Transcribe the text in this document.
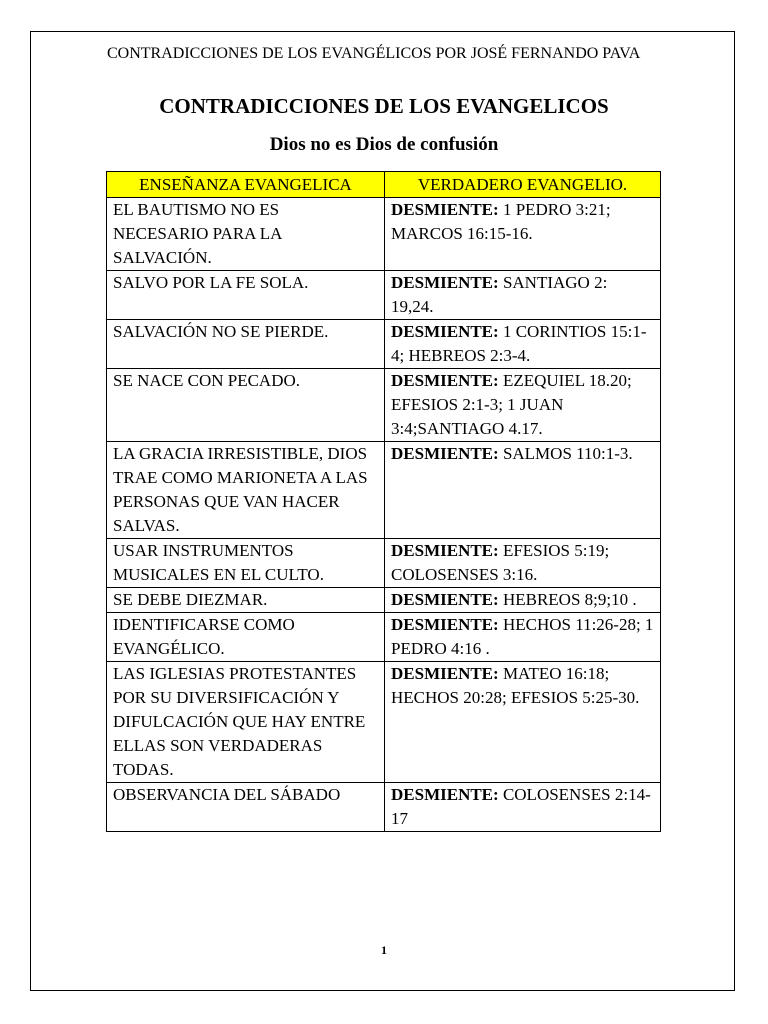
CONTRADICCIONES DE LOS EVANGÉLICOS POR JOSÉ FERNANDO PAVA
CONTRADICCIONES DE LOS EVANGELICOS
Dios no es Dios de confusión
ENSEÑANZA EVANGELICA	VERDADERO EVANGELIO.
EL BAUTISMO NO ES NECESARIO PARA LA SALVACIÓN.	DESMIENTE: 1 PEDRO 3:21; MARCOS 16:15-16.
SALVO POR LA FE SOLA.	DESMIENTE: SANTIAGO 2: 19,24.
SALVACIÓN NO SE PIERDE.	DESMIENTE: 1 CORINTIOS 15:1-4; HEBREOS 2:3-4.
SE NACE CON PECADO.	DESMIENTE: EZEQUIEL 18.20; EFESIOS 2:1-3; 1 JUAN 3:4;SANTIAGO 4.17.
LA GRACIA IRRESISTIBLE, DIOS TRAE COMO MARIONETA A LAS PERSONAS QUE VAN HACER SALVAS.	DESMIENTE: SALMOS 110:1-3.
USAR INSTRUMENTOS MUSICALES EN EL CULTO.	DESMIENTE: EFESIOS 5:19; COLOSENSES 3:16.
SE DEBE DIEZMAR.	DESMIENTE: HEBREOS 8;9;10 .
IDENTIFICARSE COMO EVANGÉLICO.	DESMIENTE: HECHOS 11:26-28; 1 PEDRO 4:16 .
LAS IGLESIAS PROTESTANTES POR SU DIVERSIFICACIÓN Y DIFULCACIÓN QUE HAY ENTRE ELLAS SON VERDADERAS TODAS.	DESMIENTE: MATEO 16:18; HECHOS 20:28; EFESIOS 5:25-30.
OBSERVANCIA DEL SÁBADO	DESMIENTE: COLOSENSES 2:14-17
1
